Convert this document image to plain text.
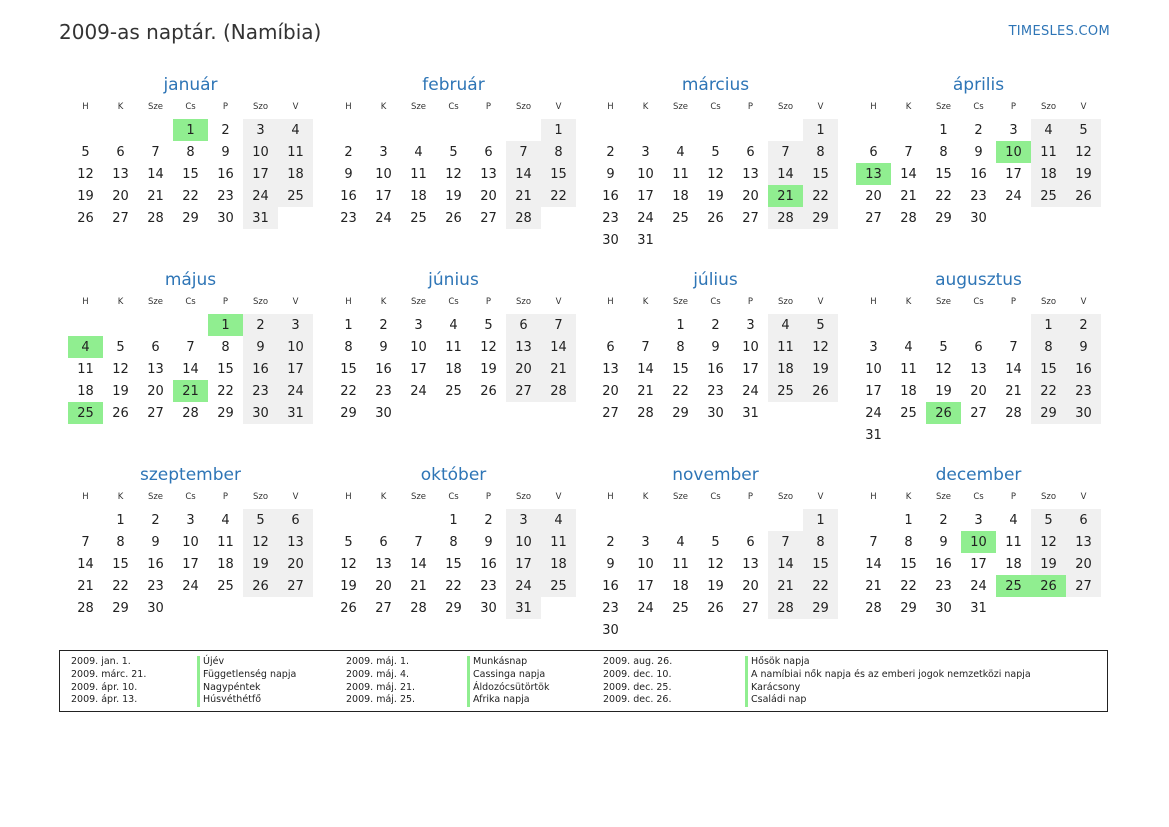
2009-as naptár. (Namíbia)	TIMESLES.COM
január
H	K	Sze	Cs	P	Szo	V
			1	2	3	4
5	6	7	8	9	10	11
12	13	14	15	16	17	18
19	20	21	22	23	24	25
26	27	28	29	30	31	
február
H	K	Sze	Cs	P	Szo	V
						1
2	3	4	5	6	7	8
9	10	11	12	13	14	15
16	17	18	19	20	21	22
23	24	25	26	27	28	
március
H	K	Sze	Cs	P	Szo	V
						1
2	3	4	5	6	7	8
9	10	11	12	13	14	15
16	17	18	19	20	21	22
23	24	25	26	27	28	29
30	31					
április
H	K	Sze	Cs	P	Szo	V
		1	2	3	4	5
6	7	8	9	10	11	12
13	14	15	16	17	18	19
20	21	22	23	24	25	26
27	28	29	30			
május
H	K	Sze	Cs	P	Szo	V
				1	2	3
4	5	6	7	8	9	10
11	12	13	14	15	16	17
18	19	20	21	22	23	24
25	26	27	28	29	30	31
június
H	K	Sze	Cs	P	Szo	V
1	2	3	4	5	6	7
8	9	10	11	12	13	14
15	16	17	18	19	20	21
22	23	24	25	26	27	28
29	30					
július
H	K	Sze	Cs	P	Szo	V
		1	2	3	4	5
6	7	8	9	10	11	12
13	14	15	16	17	18	19
20	21	22	23	24	25	26
27	28	29	30	31		
augusztus
H	K	Sze	Cs	P	Szo	V
					1	2
3	4	5	6	7	8	9
10	11	12	13	14	15	16
17	18	19	20	21	22	23
24	25	26	27	28	29	30
31						
szeptember
H	K	Sze	Cs	P	Szo	V
	1	2	3	4	5	6
7	8	9	10	11	12	13
14	15	16	17	18	19	20
21	22	23	24	25	26	27
28	29	30				
október
H	K	Sze	Cs	P	Szo	V
			1	2	3	4
5	6	7	8	9	10	11
12	13	14	15	16	17	18
19	20	21	22	23	24	25
26	27	28	29	30	31	
november
H	K	Sze	Cs	P	Szo	V
						1
2	3	4	5	6	7	8
9	10	11	12	13	14	15
16	17	18	19	20	21	22
23	24	25	26	27	28	29
30						
december
H	K	Sze	Cs	P	Szo	V
	1	2	3	4	5	6
7	8	9	10	11	12	13
14	15	16	17	18	19	20
21	22	23	24	25	26	27
28	29	30	31			
2009. jan. 1.	Újév
2009. márc. 21.	Függetlenség napja
2009. ápr. 10.	Nagypéntek
2009. ápr. 13.	Húsvéthétfő
2009. máj. 1.	Munkásnap
2009. máj. 4.	Cassinga napja
2009. máj. 21.	Áldozócsütörtök
2009. máj. 25.	Afrika napja
2009. aug. 26.	Hősök napja
2009. dec. 10.	A namíbiai nők napja és az emberi jogok nemzetközi napja
2009. dec. 25.	Karácsony
2009. dec. 26.	Családi nap
